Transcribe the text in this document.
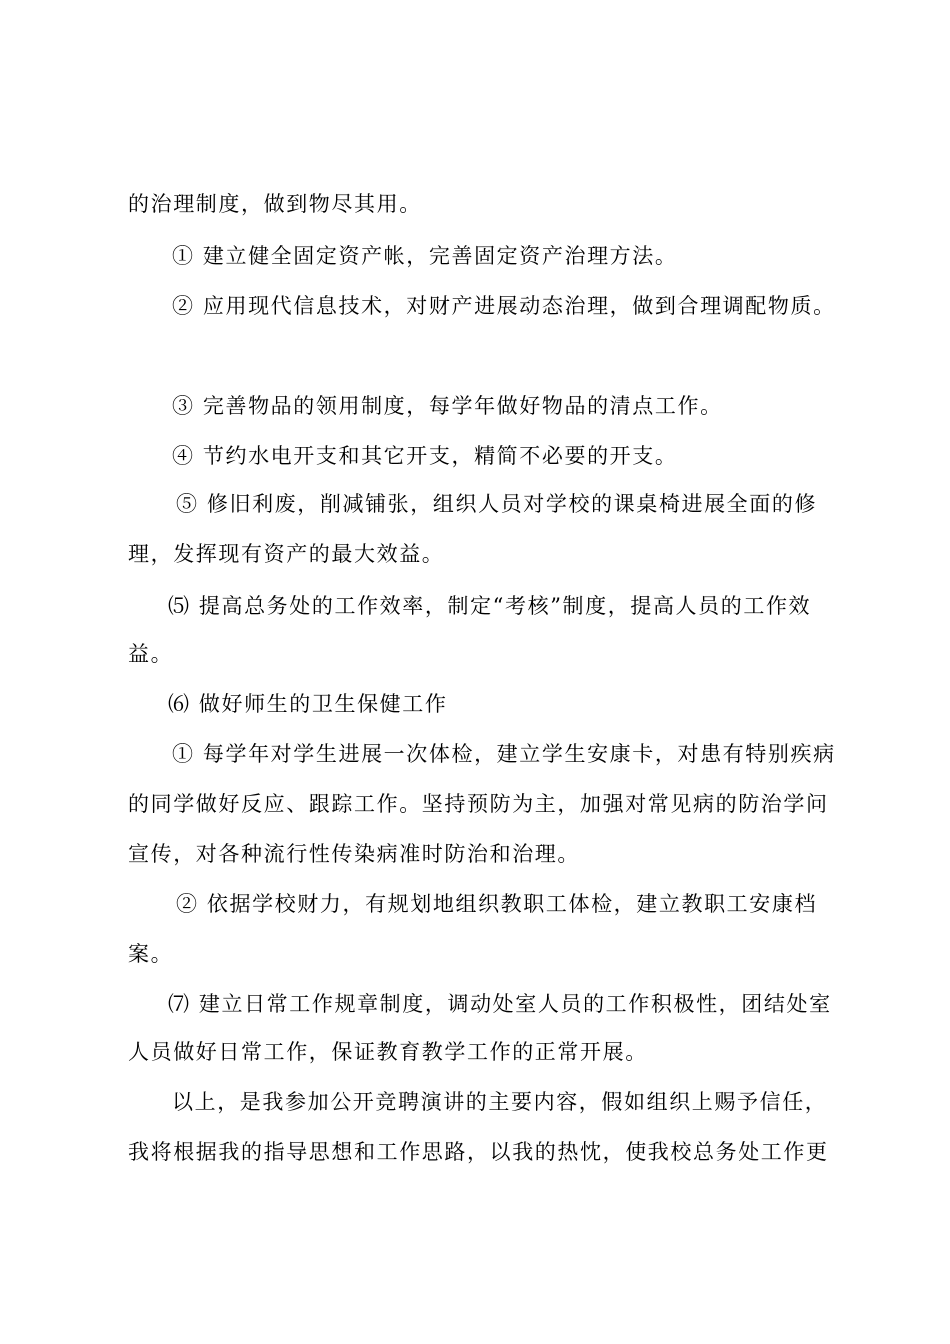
的治理制度，做到物尽其用。
① 建立健全固定资产帐，完善固定资产治理方法。
② 应用现代信息技术，对财产进展动态治理，做到合理调配物质。
③ 完善物品的领用制度，每学年做好物品的清点工作。
④ 节约水电开支和其它开支，精简不必要的开支。
⑤ 修旧利废，削减铺张，组织人员对学校的课桌椅进展全面的修
理，发挥现有资产的最大效益。
⑸ 提高总务处的工作效率，制定“考核”制度，提高人员的工作效
益。
⑹ 做好师生的卫生保健工作
① 每学年对学生进展一次体检，建立学生安康卡，对患有特别疾病
的同学做好反应、跟踪工作。坚持预防为主，加强对常见病的防治学问
宣传，对各种流行性传染病准时防治和治理。
② 依据学校财力，有规划地组织教职工体检，建立教职工安康档
案。
⑺ 建立日常工作规章制度，调动处室人员的工作积极性，团结处室
人员做好日常工作，保证教育教学工作的正常开展。
以上，是我参加公开竞聘演讲的主要内容，假如组织上赐予信任，
我将根据我的指导思想和工作思路，以我的热忱，使我校总务处工作更
